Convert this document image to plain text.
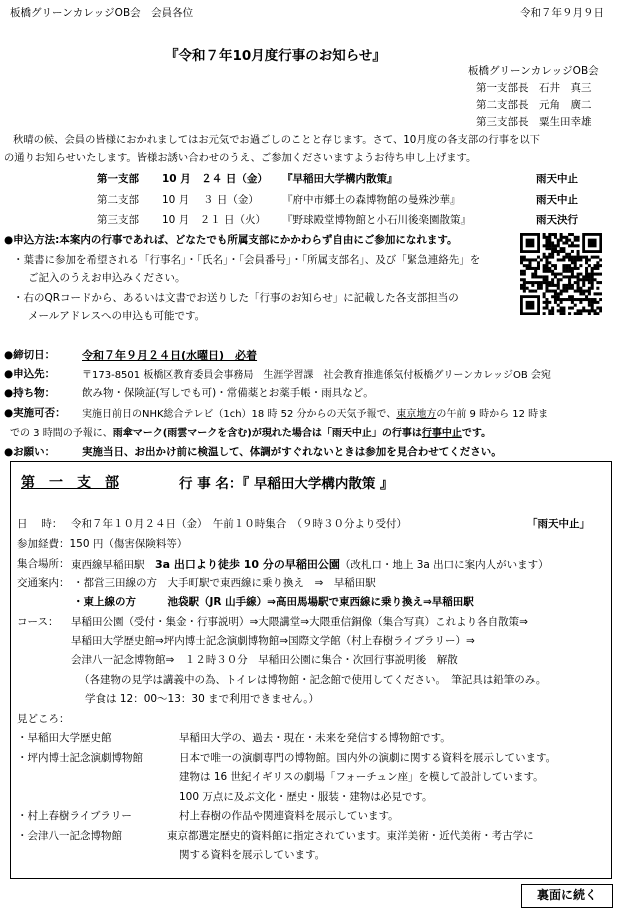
板橋グリーンカレッジOB会　会員各位	令和７年９月９日
『令和７年10月度行事のお知らせ』
板橋グリーンカレッジOB会
第一支部長　石井　真三
第二支部長　元角　廣二
第三支部長　粟生田幸雄
秋晴の候、会員の皆様におかれましてはお元気でお過ごしのことと存じます。さて、10月度の各支部の行事を以下
の通りお知らせいたします。皆様お誘い合わせのうえ、ご参加くださいますようお待ち申し上げます。
第一支部 10 月　２４ 日（金） 『早稲田大学構内散策』	雨天中止
第二支部 10 月　 ３ 日（金） 『府中市郷土の森博物館の曼殊沙華』	雨天中止
第三支部 10 月　２１ 日（火） 『野球殿堂博物館と小石川後楽園散策』	雨天決行
●申込方法:本案内の行事であれば、どなたでも所属支部にかかわらず自由にご参加になれます。
・葉書に参加を希望される「行事名」・「氏名」・「会員番号」・「所属支部名」、及び「緊急連絡先」を
ご記入のうえお申込みください。
・右のQRコードから、あるいは文書でお送りした「行事のお知らせ」に記載した各支部担当の
メールアドレスへの申込も可能です。
●締切日： 令和７年９月２４日(水曜日)　必着
●申込先：	〒173-8501 板橋区教育委員会事務局　生涯学習課　社会教育推進係気付板橋グリーンカレッジOB 会宛
●持ち物：	飲み物・保険証(写しでも可)・常備薬とお薬手帳・雨具など。
●実施可否： 実施日前日のNHK総合テレビ（1ch）18 時 52 分からの天気予報で、東京地方の午前 9 時から 12 時ま
での 3 時間の予報に、雨傘マーク(雨雲マークを含む)が現れた場合は「雨天中止」の行事は行事中止です。
●お願い：	実施当日、お出かけ前に検温して、体調がすぐれないときは参加を見合わせてください。
第　一　支　部	行 事 名：『 早稲田大学構内散策 』
日　 時： 令和７年１０月２４日（金）　午前１０時集合　（９時３０分より受付）	「雨天中止」
参加経費：150 円（傷害保険料等）
集合場所： 東西線早稲田駅　3a 出口より徒歩 10 分の早稲田公園（改札口・地上 3a 出口に案内人がいます）
交通案内： ・都営三田線の方　大手町駅で東西線に乗り換え　⇒　早稲田駅
・東上線の方　　　池袋駅（JR 山手線）⇒高田馬場駅で東西線に乗り換え⇒早稲田駅
コース： 早稲田公園（受付・集金・行事説明）⇒大隈講堂⇒大隈重信銅像（集合写真）これより各自散策⇒
早稲田大学歴史館⇒坪内博士記念演劇博物館⇒国際文学館（村上春樹ライブラリー）⇒
会津八一記念博物館⇒　１２時３０分　早稲田公園に集合・次回行事説明後　解散
（各建物の見学は講義中の為、トイレは博物館・記念館で使用してください。　筆記具は鉛筆のみ。
学食は 12：00～13：30 まで利用できません。）
見どころ：
・早稲田大学歴史館	早稲田大学の、過去・現在・未来を発信する博物館です。
・坪内博士記念演劇博物館	日本で唯一の演劇専門の博物館。国内外の演劇に関する資料を展示しています。
建物は 16 世紀イギリスの劇場「フォーチュン座」を模して設計しています。
100 万点に及ぶ文化・歴史・服装・建物は必見です。
・村上春樹ライブラリー	村上春樹の作品や関連資料を展示しています。
・会津八一記念博物館	東京都選定歴史的資料館に指定されています。東洋美術・近代美術・考古学に
関する資料を展示しています。
裏面に続く
